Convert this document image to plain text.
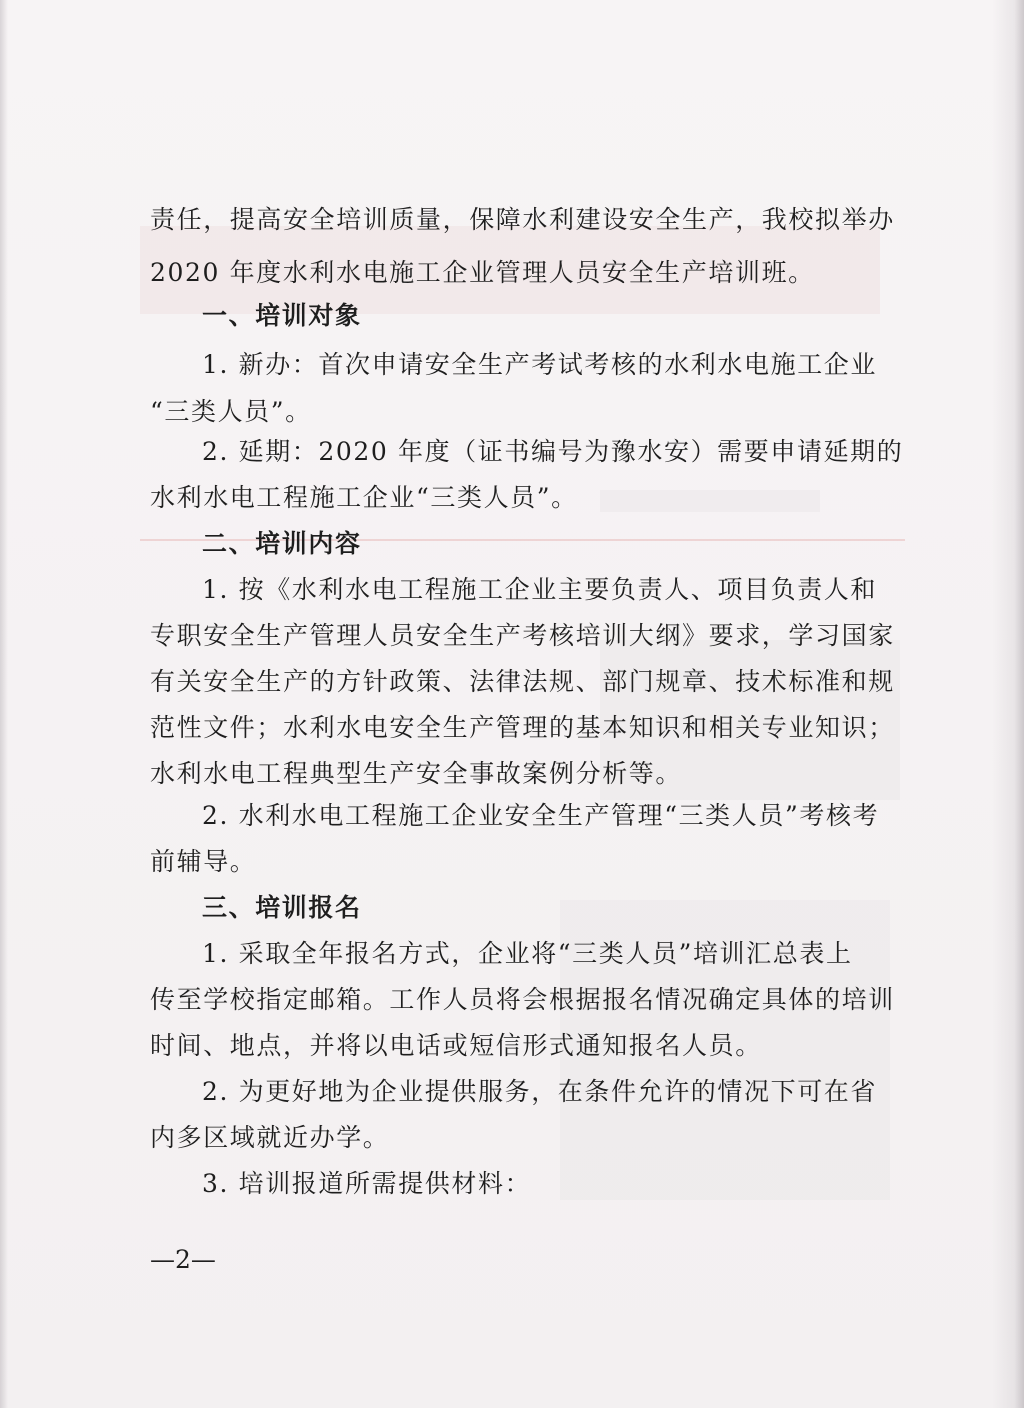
责任，提高安全培训质量，保障水利建设安全生产，我校拟举办
2020 年度水利水电施工企业管理人员安全生产培训班。
一、培训对象
1. 新办：首次申请安全生产考试考核的水利水电施工企业
“三类人员”。
2. 延期：2020 年度（证书编号为豫水安）需要申请延期的
水利水电工程施工企业“三类人员”。
二、培训内容
1. 按《水利水电工程施工企业主要负责人、项目负责人和
专职安全生产管理人员安全生产考核培训大纲》要求，学习国家
有关安全生产的方针政策、法律法规、部门规章、技术标准和规
范性文件；水利水电安全生产管理的基本知识和相关专业知识；
水利水电工程典型生产安全事故案例分析等。
2. 水利水电工程施工企业安全生产管理“三类人员”考核考
前辅导。
三、培训报名
1. 采取全年报名方式，企业将“三类人员”培训汇总表上
传至学校指定邮箱。工作人员将会根据报名情况确定具体的培训
时间、地点，并将以电话或短信形式通知报名人员。
2. 为更好地为企业提供服务，在条件允许的情况下可在省
内多区域就近办学。
3. 培训报道所需提供材料：
—2—
